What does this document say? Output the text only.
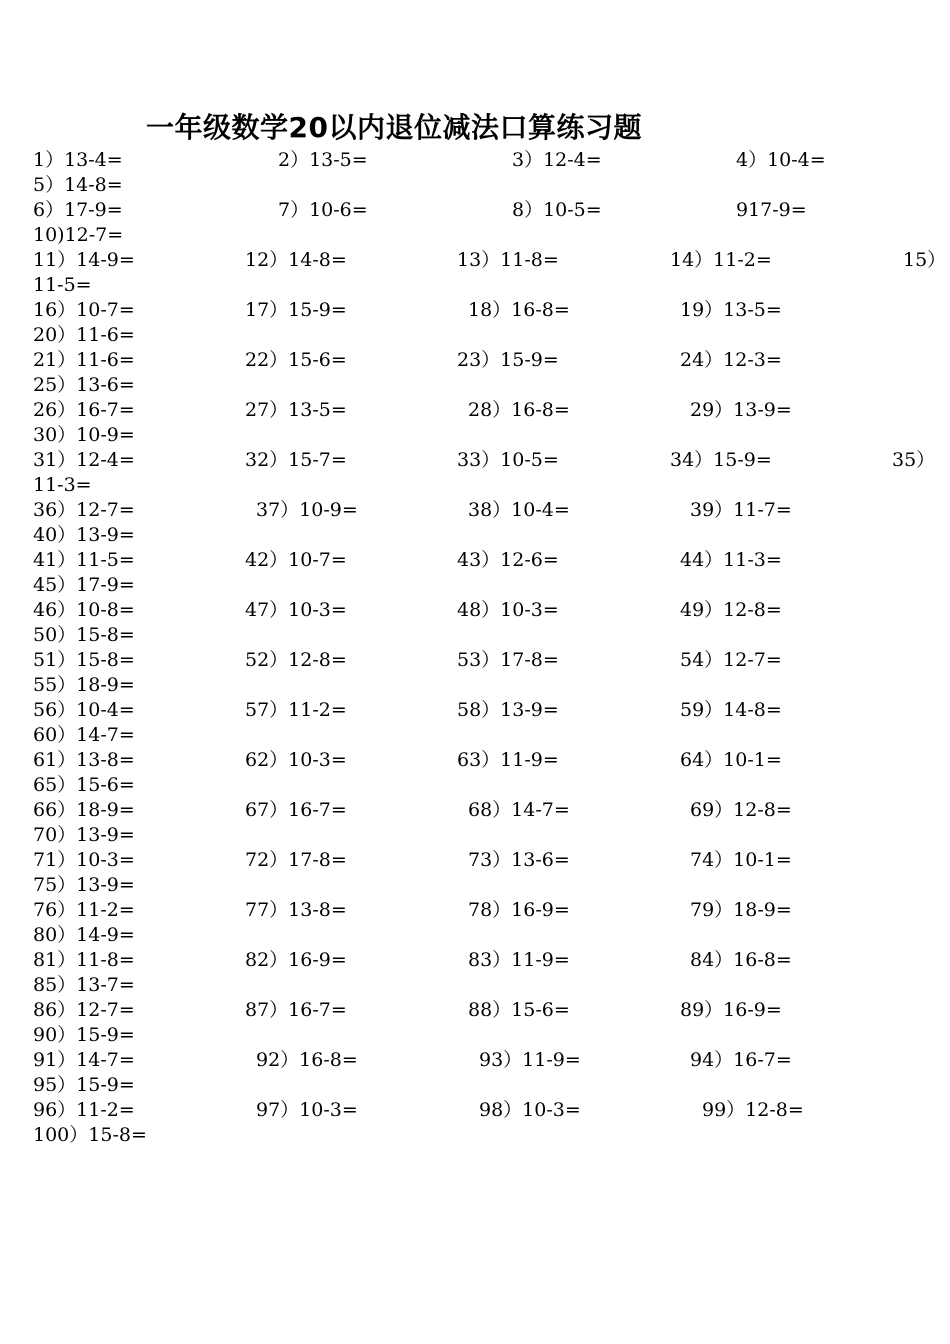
一年级数学20以内退位减法口算练习题
1）13-4=	2）13-5=	3）12-4=	4）10-4=
5）14-8=
6）17-9=	7）10-6=	8）10-5=	917-9=
10)12-7=
11）14-9=	12）14-8=	13）11-8=	14）11-2=	15）
11-5=
16）10-7=	17）15-9=	18）16-8=	19）13-5=
20）11-6=
21）11-6=	22）15-6=	23）15-9=	24）12-3=
25）13-6=
26）16-7=	27）13-5=	28）16-8=	29）13-9=
30）10-9=
31）12-4=	32）15-7=	33）10-5=	34）15-9=	35）
11-3=
36）12-7=	37）10-9=	38）10-4=	39）11-7=
40）13-9=
41）11-5=	42）10-7=	43）12-6=	44）11-3=
45）17-9=
46）10-8=	47）10-3=	48）10-3=	49）12-8=
50）15-8=
51）15-8=	52）12-8=	53）17-8=	54）12-7=
55）18-9=
56）10-4=	57）11-2=	58）13-9=	59）14-8=
60）14-7=
61）13-8=	62）10-3=	63）11-9=	64）10-1=
65）15-6=
66）18-9=	67）16-7=	68）14-7=	69）12-8=
70）13-9=
71）10-3=	72）17-8=	73）13-6=	74）10-1=
75）13-9=
76）11-2=	77）13-8=	78）16-9=	79）18-9=
80）14-9=
81）11-8=	82）16-9=	83）11-9=	84）16-8=
85）13-7=
86）12-7=	87）16-7=	88）15-6=	89）16-9=
90）15-9=
91）14-7=	92）16-8=	93）11-9=	94）16-7=
95）15-9=
96）11-2=	97）10-3=	98）10-3=	99）12-8=
100）15-8=
